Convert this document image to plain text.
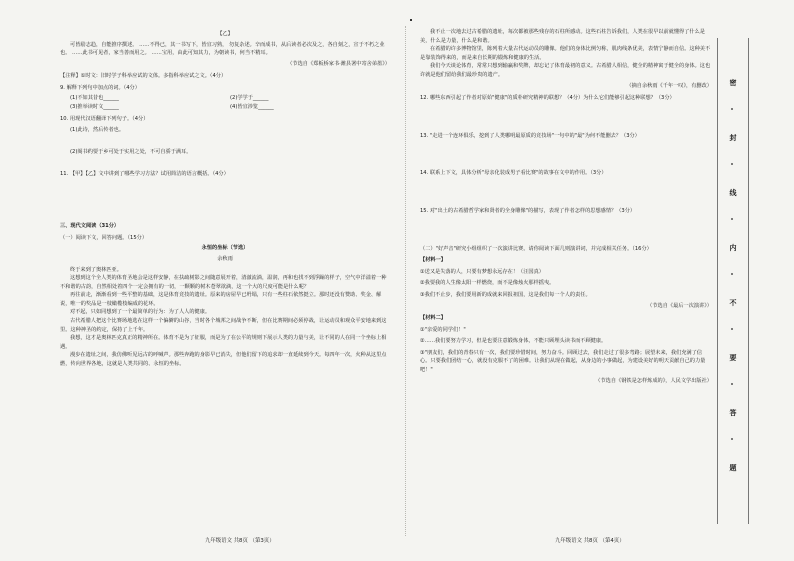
【乙】

可皆励志趋，自能推序撰述。 ……不得已，其一书写下，皆宜习熟， 勿复杂述。辛而成书，从后读者必次及之，各自刻之，宣于不朽之业也。 ……此书可见者，家当善而用之。 ……宝用，由此可知其力，为朝读书，何当不精耳。

（节选自《郑板桥家书·潍县署中寄舍弟墨》）
【注释】①时文：旧时学子科举应试的文体。多指科举应试之文。（4分）
9. 解释下列句中加点的词。（4分）
(1)不如其昔也______	(2)学学于______
(3)推举读时文______	(4)皆宜涉览______
10. 用现代汉语翻译下列句子。（4分）
(1)此诗，然后传者也。
(2)阁书约要于乡可处于实用之处，不可自骄于满耳。
11. 【甲】【乙】文中讲到了哪些学习方法？试用简洁的语言概括。（4分）
三、现代文阅读（31分）
（一）阅读下文，回答问题。（15分）
永恒的坐标（节选）
余秋雨

终于来到了奥林匹亚。

这想到这个全人类的体育圣地会是这样安静，在扶疏树影之间随意展开着，清澈流淌，温润，再和也找不到浮躁的样子，空气中洋溢着一种不和谐的古韵，自然相处着四个一定会拥有的一切，一颗颗的树木苍翠欲滴，这一个大的尺度可能是什么呢？

再往前走，渐渐看到一些平整的基础，这是体育竞技的遗址。原来的房屋早已坍塌，只有一些柱石依然挺立。那时还没有赞助、奖金、解说，唯一的奖品是一枝橄榄枝编成的花环。

对不起，只如同想到了一个最简单的行为：为了人人的健康。

古代希腊人把这个比赛场地选在这样一个偏僻的山谷，当时各个城邦之间战争不断，但在比赛期间必须停战，让运动员和观众平安地来到这里。这种神圣的约定，保持了上千年。

我想，这才是奥林匹克真正的精神所在。体育不是为了征服，而是为了在公平的规则下展示人类的力量与美，让不同的人在同一个坐标上相遇。

漫步在遗址之间，我仿佛听见远古的呼喊声。那些奔跑的身影早已消失，但他们留下的追求却一直延续到今天。每四年一次，火种从这里点燃，传向世界各地，这就是人类共同的、永恒的坐标。

我不止一次地去过古希腊的遗址，每次都被那些残存的石柱所感动。这些石柱告诉我们，人类在很早以前就懂得了什么是美，什么是力量，什么是和谐。

在希腊的许多博物馆里，陈列着大量古代运动员的雕像。他们的身体比例匀称，肌肉线条优美，表情宁静而自信。这种美不是靠装饰得来的，而是来自长期的锻炼和健康的生活。

我们今天谈论体育，常常只想到输赢和奖牌，却忘记了体育最初的意义。古希腊人相信，健全的精神寓于健全的身体。这也许就是他们留给我们最珍贵的遗产。

（摘自余秋雨《千年一叹》，有删改）
12. 哪些东西引起了作者对原始"健康"的质朴研究精神的联想？（4分）为什么它们能够引起这种联想？（3分）
13. "走进一个连环俱乐，挖到了人类哪明最原质的竞技场"一句中的"最"为何不能删去？（3分）
14. 联系上下文，具体分析"母亲化装成男子看比赛"的故事在文中的作用。（3分）
15. 对"出土的古希腊哲学家和贤者的全身雕像"的描写，表现了作者怎样的思想感情？（3分）
（二）"好声音"研究小组组织了一次演讲比赛。请你阅读下面几则演讲词，并完成相关任务。（16分）
【材料一】
①送又是失落的人，只要有梦想永远存在！（汪国真）
②我要我的人生像太阳一样燃烧，而不是像烛火那样摇曳。
③我们不止步，我们要用新的成就来回报祖国，这是我们每一个人的责任。
（节选自《最后一次演讲》）
【材料二】
①"亲爱的同学们！"
②……我们要努力学习，但是也要注意锻炼身体，不能只顾埋头读书而不顾健康。
③"朋友们，我们的青春只有一次，我们要珍惜时间，努力奋斗。回顾过去，我们走过了很多弯路；展望未来，我们充满了信心。只要我们团结一心，就没有克服不了的困难。让我们从现在做起，从身边的小事做起，为建设美好的明天贡献自己的力量吧！"
（节选自《钢铁是怎样炼成的》，人民文学出版社）
密
封
线
内
不
要
答
题
九年级语文 共8页 （第3页）	九年级语文 共8页 （第4页）
